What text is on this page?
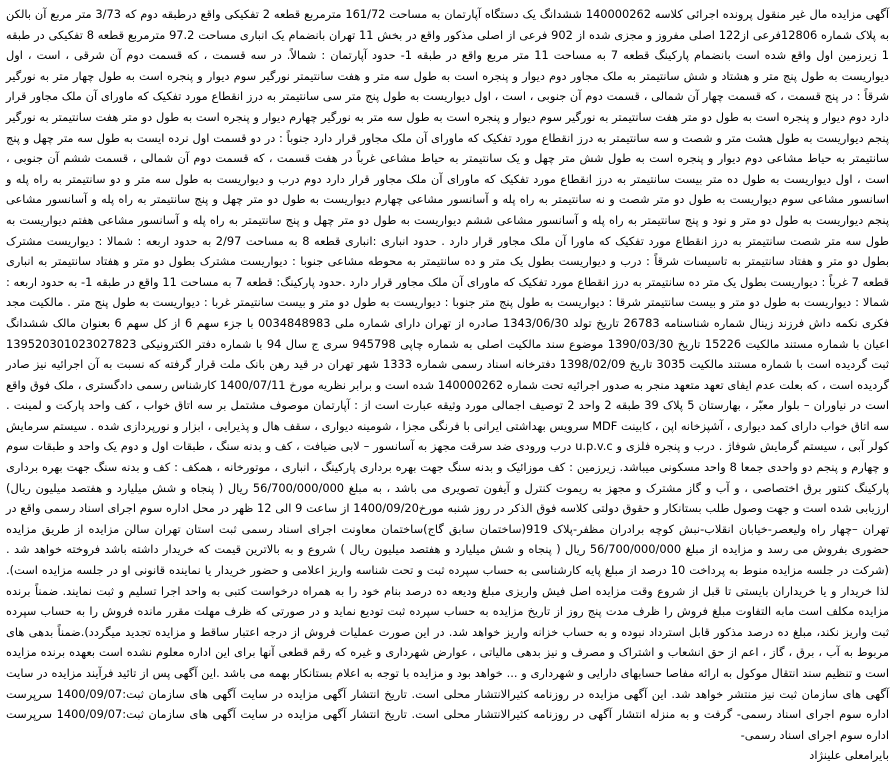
آگهی مزایده مال غیر منقول پرونده اجرائی کلاسه 140000262 ششدانگ یک دستگاه آپارتمان به مساحت 161/72 مترمربع قطعه 2 تفکیکی واقع درطبقه دوم که 3/73 متر مربع آن بالکن به پلاک شماره 12806فرعی از122 اصلی مفروز و مجزی شده از 902 فرعی از اصلی مذکور واقع در بخش 11 تهران بانضمام یک انباری مساحت 97.2 مترمربع قطعه 8 تفکیکی در طبقه 1 زیرزمین اول واقع شده است بانضمام پارکینگ قطعه 7 به مساحت 11 متر مربع واقع در طبقه 1- حدود آپارتمان : شمالاً. در سه قسمت ، که قسمت دوم آن شرقی ، است ، اول دیواریست به طول پنج متر و هشتاد و شش سانتیمتر به ملک مجاور دوم دیوار و پنجره است به طول سه متر و هفت سانتیمتر نورگیر سوم دیوار و پنجره است به طول چهار متر به نورگیر شرقاً : در پنج قسمت ، که قسمت چهار آن شمالی ، قسمت دوم آن جنوبی ، است ، اول دیواریست به طول پنج متر سی سانتیمتر به درز انقطاع مورد تفکیک که ماورای آن ملک مجاور قرار دارد دوم دیوار و پنجره است به طول دو متر هفت سانتیمتر به نورگیر سوم دیوار و پنجره است به طول سه متر به نورگیر چهارم دیوار و پنجره است به طول دو متر هفت سانتیمتر به نورگیر پنجم دیواریست به طول هشت متر و شصت و سه سانتیمتر به درز انقطاع مورد تفکیک که ماورای آن ملک مجاور قرار دارد جنوباً : در دو قسمت اول نرده ایست به طول سه متر چهل و پنج سانتیمتر به حیاط مشاعی دوم دیوار و پنجره است به طول شش متر چهل و یک سانتیمتر به حیاط مشاعی غرباً در هفت قسمت ، که قسمت دوم آن شمالی ، قسمت ششم آن جنوبی ، است ، اول دیواریست به طول ده متر بیست سانتیمتر به درز انقطاع مورد تفکیک که ماورای آن ملک مجاور قرار دارد دوم درب و دیواریست به طول سه متر و دو سانتیمتر به راه پله و اسانسور مشاعی سوم دیواریست به طول دو متر شصت و نه سانتیمتر به راه پله و آسانسور مشاعی چهارم دیواریست به طول دو متر چهل و پنج سانتیمتر به راه پله و آسانسور مشاعی پنجم دیواریست به طول دو متر و نود و پنج سانتیمتر به راه پله و آسانسور مشاعی ششم دیواریست به طول دو متر چهل و پنج سانتیمتر به راه پله و آسانسور مشاعی هفتم دیواریست به طول سه متر شصت سانتیمتر به درز انقطاع مورد تفکیک که ماورا آن ملک مجاور قرار دارد . حدود انباری :انباری قطعه 8 به مساحت 2/97 به حدود اربعه : شمالا : دیواریست مشترک بطول دو متر و هفتاد سانتیمتر به تاسیسات شرقاً : درب و دیواریست بطول یک متر و ده سانتیمتر به محوطه مشاعی جنوبا : دیواریست مشترک بطول دو متر و هفتاد سانتیمتر به انباری قطعه 7 غرباً : دیواریست بطول یک متر ده سانتیمتر به درز انقطاع مورد تفکیک که ماورای آن ملک مجاور قرار دارد .حدود پارکینگ: قطعه 7 به مساحت 11 واقع در طبقه 1- به حدود اربعه : شمالا : دیواریست به طول دو متر و بیست سانتیمتر شرقا : دیواریست به طول پنج متر جنوبا : دیواریست به طول دو متر و بیست سانتیمتر غربا : دیواریست به طول پنج متر . مالکیت مجد فکری نکمه داش فرزند زینال شماره شناسنامه 26783 تاریخ تولد 1343/06/30 صادره از تهران دارای شماره ملی 0034848983 با جزء سهم 6 از کل سهم 6 بعنوان مالک ششدانگ اعیان با شماره مستند مالکیت 15226 تاریخ 1390/03/30 موضوع سند مالکیت اصلی به شماره چاپی 945798 سری ج سال 94 با شماره دفتر الکترونیکی 139520301023027823 ثبت گردیده است با شماره مستند مالکیت 3035 تاریخ 1398/02/09 دفترخانه اسناد رسمی شماره 1333 شهر تهران در قید رهن بانک ملت قرار گرفته که نسبت به آن اجرائیه نیز صادر گردیده است ، که بعلت عدم ایفای تعهد متعهد منجر به صدور اجرائیه تحت شماره 140000262 شده است و برابر نظریه مورخ 1400/07/11 کارشناس رسمی دادگستری ، ملک فوق واقع است در نیاوران – بلوار معبّر ، بهارستان 5 پلاک 39 طبقه 2 واحد 2 توصیف اجمالی مورد وثیقه عبارت است از : آپارتمان موصوف مشتمل بر سه اتاق خواب ، کف واحد پارکت و لمینت . سه اتاق خواب دارای کمد دیواری ، آشپزخانه اپن ، کابینت MDF سرویس بهداشتی ایرانی با فرنگی مجزا ، شومینه دیواری ، سقف هال و پذیرایی ، ابزار و نورپردازی شده . سیستم سرمایش کولر آبی ، سیستم گرمایش شوفاژ . درب و پنجره فلزی و u.p.v.c درب ورودی ضد سرقت مجهز به آسانسور – لابی ضیافت ، کف و بدنه سنگ ، طبقات اول و دوم یک واحد و طبقات سوم و چهارم و پنجم دو واحدی جمعا 8 واحد مسکونی میباشد. زیرزمین : کف موزائیک و بدنه سنگ جهت بهره برداری پارکینگ ، انباری ، موتورخانه ، همکف : کف و بدنه سنگ جهت بهره برداری پارکینگ کنتور برق اختصاصی ، و آب و گاز مشترک و مجهز به ریموت کنترل و آیفون تصویری می باشد ، به مبلغ 56/700/000/000 ریال ( پنجاه و شش میلیارد و هفتصد میلیون ریال) ارزیابی شده است و جهت وصول طلب بستانکار و حقوق دولتی کلاسه فوق الذکر در روز شنبه مورخ1400/09/20 از ساعت 9 الی 12 ظهر در محل اداره سوم اجرای اسناد رسمی واقع در تهران –چهار راه ولیعصر-خیابان انقلاب-نبش کوچه برادران مظفر-پلاک 919(ساختمان سابق گاج)ساختمان معاونت اجرای اسناد رسمی ثبت استان تهران سالن مزایده از طریق مزایده حضوری بفروش می رسد و مزایده از مبلغ 56/700/000/000 ریال ( پنجاه و شش میلیارد و هفتصد میلیون ریال ) شروع و به بالاترین قیمت که خریدار داشته باشد فروخته خواهد شد . (شرکت در جلسه مزایده منوط به پرداخت 10 درصد از مبلغ پایه کارشناسی به حساب سپرده ثبت و تحت شناسه واریز اعلامی و حضور خریدار یا نماینده قانونی او در جلسه مزایده است). لذا خریدار و یا خریداران بایستی تا قبل از شروع وقت مزایده اصل فیش واریزی مبلغ ودیعه ده درصد بنام خود را به همراه درخواست کتبی به واحد اجرا تسلیم و ثبت نمایند. ضمناً برنده مزایده مکلف است مابه التفاوت مبلغ فروش را ظرف مدت پنج روز از تاریخ مزایده به حساب سپرده ثبت تودیع نماید و در صورتی که ظرف مهلت مقرر مانده فروش را به حساب سپرده ثبت واریز نکند، مبلغ ده درصد مذکور قابل استرداد نبوده و به حساب خزانه واریز خواهد شد. در این صورت عملیات فروش از درجه اعتبار ساقط و مزایده تجدید میگردد).ضمناً بدهی های مربوط به آب ، برق ، گاز ، اعم از حق انشعاب و اشتراک و مصرف و نیز بدهی مالیاتی ، عوارض شهرداری و غیره که رقم قطعی آنها برای این اداره معلوم نشده است بعهده برنده مزایده است و تنظیم سند انتقال موکول به ارائه مفاصا حسابهای دارایی و شهرداری و ... خواهد بود و مزایده با توجه به اعلام بستانکار بهمه می باشد .این آگهی پس از تائید فرآیند مزایده در سایت آگهی های سازمان ثبت نیز منتشر خواهد شد. این آگهی مزایده در روزنامه کثیرالانتشار محلی است. تاریخ انتشار آگهی مزایده در سایت آگهی های سازمان ثبت:1400/09/07 سرپرست اداره سوم اجرای اسناد رسمی- گرفت و به منزله انتشار آگهی در روزنامه کثیرالانتشار محلی است. تاریخ انتشار آگهی مزایده در سایت آگهی های سازمان ثبت:1400/09/07 سرپرست اداره سوم اجرای اسناد رسمی-

بایرامعلی علینژاد
